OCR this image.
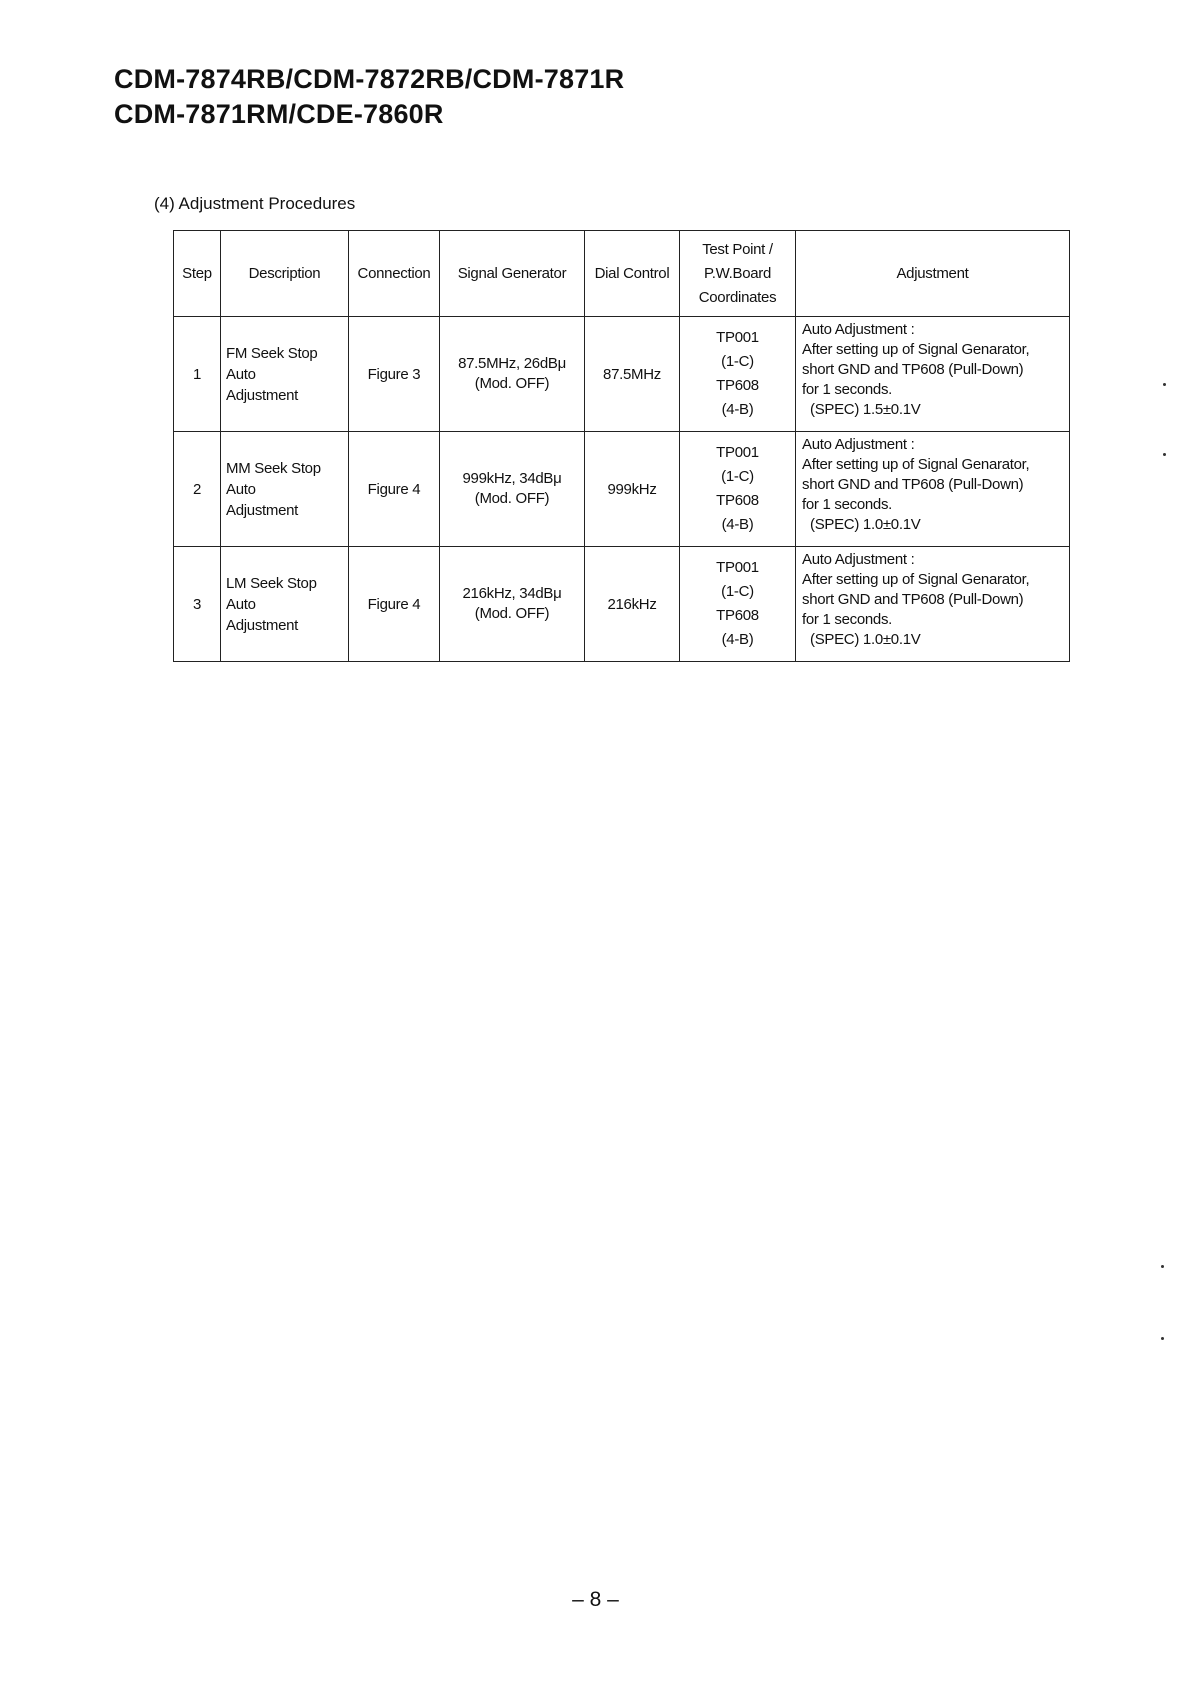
CDM-7874RB/CDM-7872RB/CDM-7871R
CDM-7871RM/CDE-7860R
(4) Adjustment Procedures
Step	Description	Connection	Signal Generator	Dial Control	Test Point /
P.W.Board
Coordinates	Adjustment
1	FM Seek Stop
Auto
Adjustment	Figure 3	87.5MHz, 26dBμ
(Mod. OFF)	87.5MHz	TP001
(1-C)
TP608
(4-B)	Auto Adjustment :
After setting up of Signal Genarator,
short GND and TP608 (Pull-Down)
for 1 seconds.
(SPEC) 1.5±0.1V

2	MM Seek Stop
Auto
Adjustment	Figure 4	999kHz, 34dBμ
(Mod. OFF)	999kHz	TP001
(1-C)
TP608
(4-B)	Auto Adjustment :
After setting up of Signal Genarator,
short GND and TP608 (Pull-Down)
for 1 seconds.
(SPEC) 1.0±0.1V

3	LM Seek Stop
Auto
Adjustment	Figure 4	216kHz, 34dBμ
(Mod. OFF)	216kHz	TP001
(1-C)
TP608
(4-B)	Auto Adjustment :
After setting up of Signal Genarator,
short GND and TP608 (Pull-Down)
for 1 seconds.
(SPEC) 1.0±0.1V
– 8 –
